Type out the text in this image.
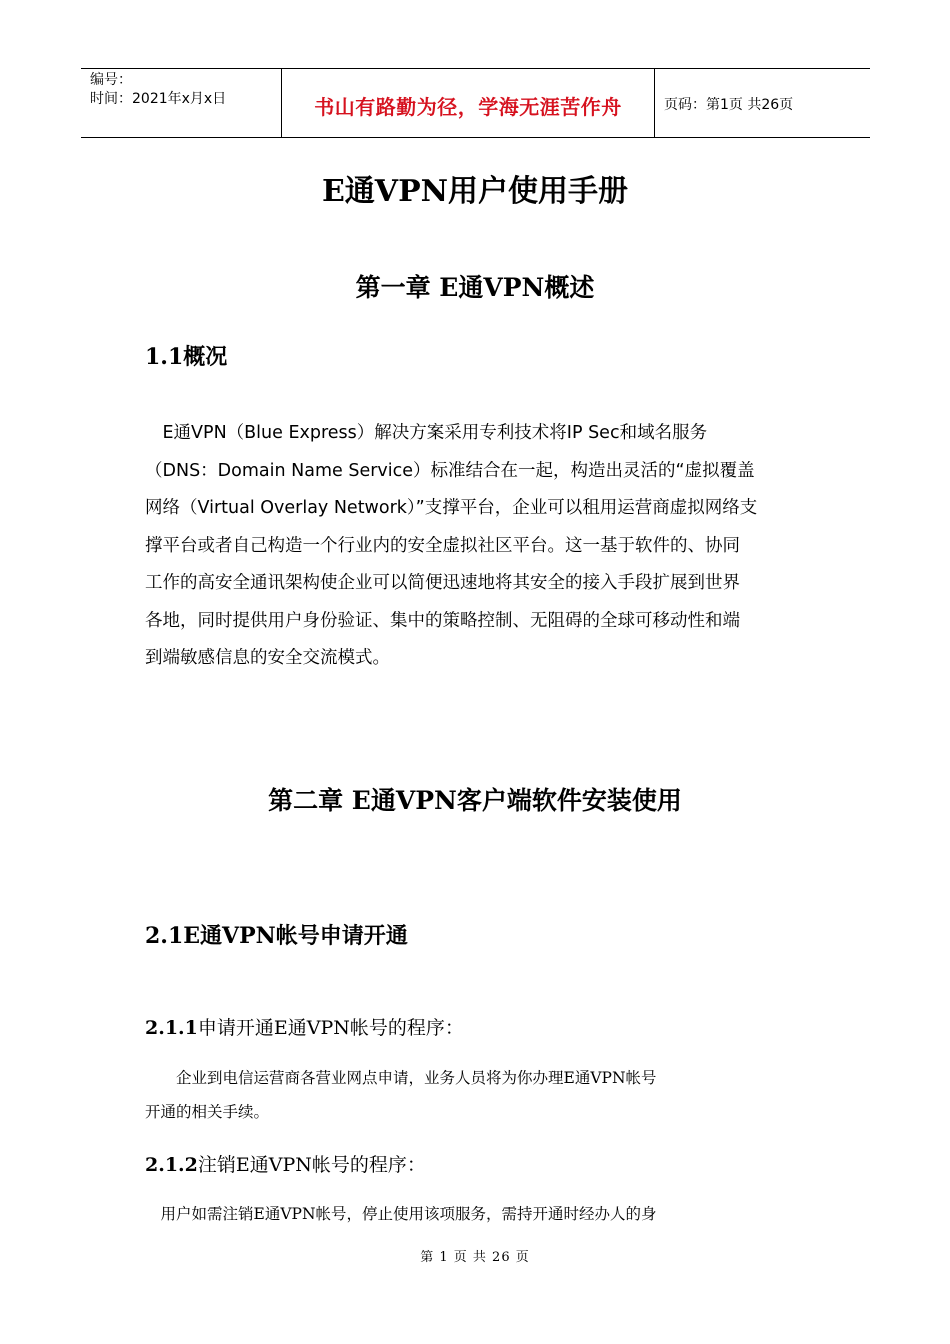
编号：
时间：2021年x月x日	书山有路勤为径，学海无涯苦作舟	页码：第1页 共26页
E通VPN用户使用手册
第一章 E通VPN概述
1.1概况

　E通VPN（Blue Express）解决方案采用专利技术将IP Sec和域名服务

（DNS：Domain Name Service）标准结合在一起，构造出灵活的“虚拟覆盖

网络（Virtual Overlay Network）”支撑平台，企业可以租用运营商虚拟网络支

撑平台或者自己构造一个行业内的安全虚拟社区平台。这一基于软件的、协同

工作的高安全通讯架构使企业可以简便迅速地将其安全的接入手段扩展到世界

各地，同时提供用户身份验证、集中的策略控制、无阻碍的全球可移动性和端

到端敏感信息的安全交流模式。

第二章 E通VPN客户端软件安装使用
2.1E通VPN帐号申请开通
2.1.1申请开通E通VPN帐号的程序：

　　企业到电信运营商各营业网点申请，业务人员将为你办理E通VPN帐号

开通的相关手续。

2.1.2注销E通VPN帐号的程序：

　用户如需注销E通VPN帐号，停止使用该项服务，需持开通时经办人的身

第 1 页 共 26 页
